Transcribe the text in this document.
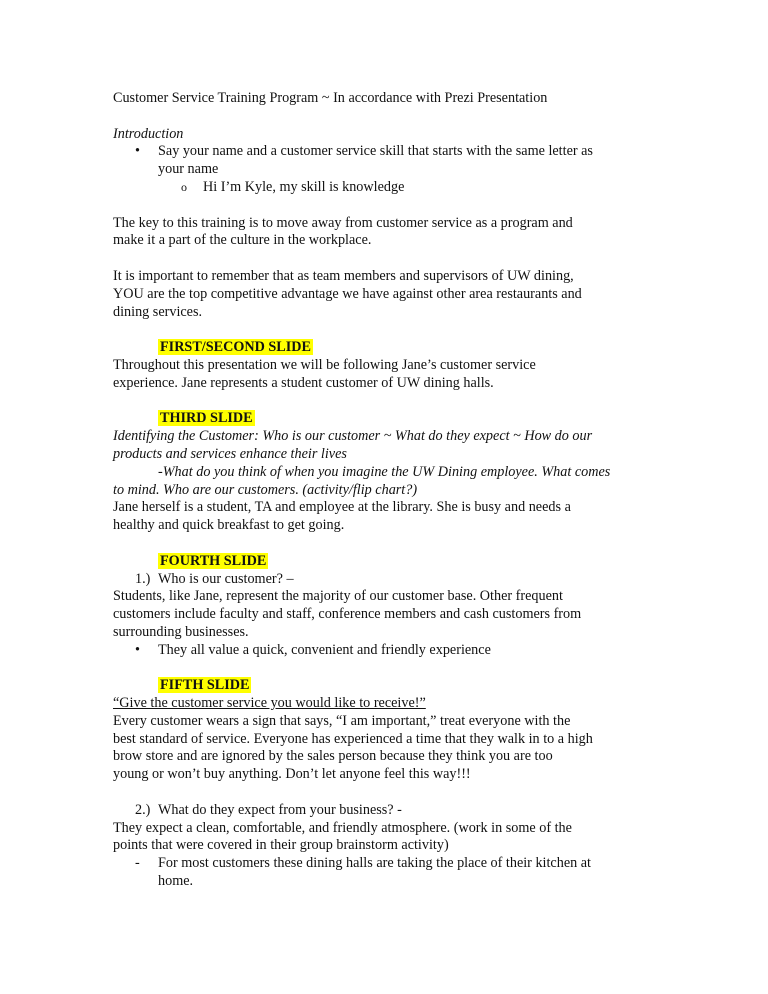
Customer Service Training Program ~ In accordance with Prezi Presentation
Introduction
• Say your name and a customer service skill that starts with the same letter as
your name
o Hi I’m Kyle, my skill is knowledge
The key to this training is to move away from customer service as a program and
make it a part of the culture in the workplace.
It is important to remember that as team members and supervisors of UW dining,
YOU are the top competitive advantage we have against other area restaurants and
dining services.
FIRST/SECOND SLIDE
Throughout this presentation we will be following Jane’s customer service
experience. Jane represents a student customer of UW dining halls.
THIRD SLIDE
Identifying the Customer: Who is our customer ~ What do they expect ~ How do our
products and services enhance their lives
-What do you think of when you imagine the UW Dining employee. What comes
to mind. Who are our customers. (activity/flip chart?)
Jane herself is a student, TA and employee at the library. She is busy and needs a
healthy and quick breakfast to get going.
FOURTH SLIDE
1.) Who is our customer? –
Students, like Jane, represent the majority of our customer base. Other frequent
customers include faculty and staff, conference members and cash customers from
surrounding businesses.
• They all value a quick, convenient and friendly experience
FIFTH SLIDE
“Give the customer service you would like to receive!”
Every customer wears a sign that says, “I am important,” treat everyone with the
best standard of service. Everyone has experienced a time that they walk in to a high
brow store and are ignored by the sales person because they think you are too
young or won’t buy anything. Don’t let anyone feel this way!!!
2.) What do they expect from your business? -
They expect a clean, comfortable, and friendly atmosphere. (work in some of the
points that were covered in their group brainstorm activity)
- For most customers these dining halls are taking the place of their kitchen at
home.
